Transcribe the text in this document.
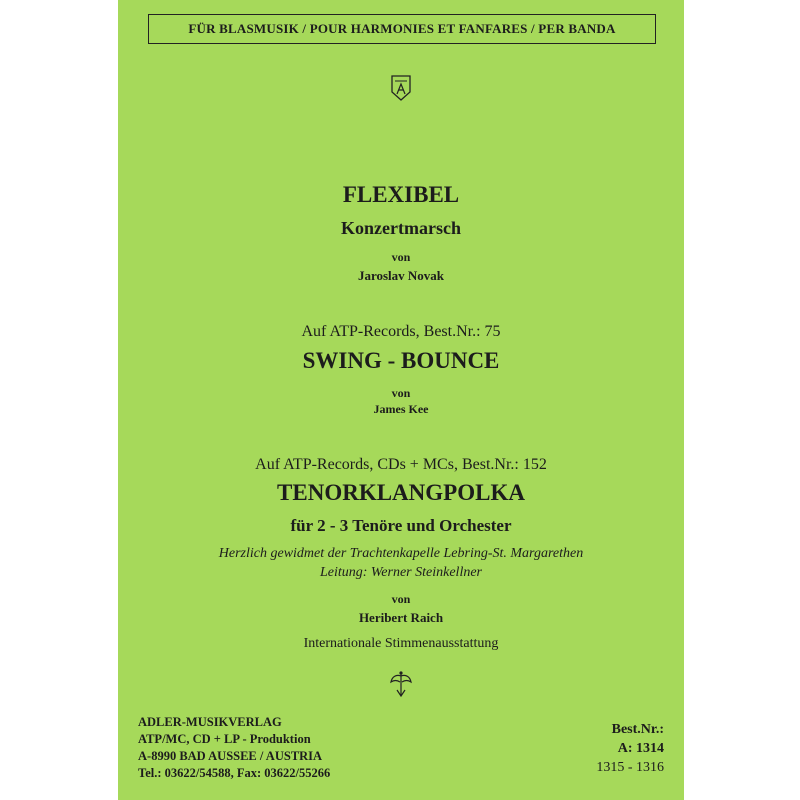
FÜR BLASMUSIK / POUR HARMONIES ET FANFARES / PER BANDA
FLEXIBEL
Konzertmarsch
von
Jaroslav Novak
Auf ATP-Records, Best.Nr.: 75
SWING - BOUNCE
von
James Kee
Auf ATP-Records, CDs + MCs, Best.Nr.: 152
TENORKLANGPOLKA
für 2 - 3 Tenöre und Orchester
Herzlich gewidmet der Trachtenkapelle Lebring-St. Margarethen
Leitung: Werner Steinkellner
von
Heribert Raich
Internationale Stimmenausstattung
ADLER-MUSIKVERLAG
ATP/MC, CD + LP - Produktion
A-8990 BAD AUSSEE / AUSTRIA
Tel.: 03622/54588, Fax: 03622/55266
Best.Nr.:
A: 1314
1315 - 1316
